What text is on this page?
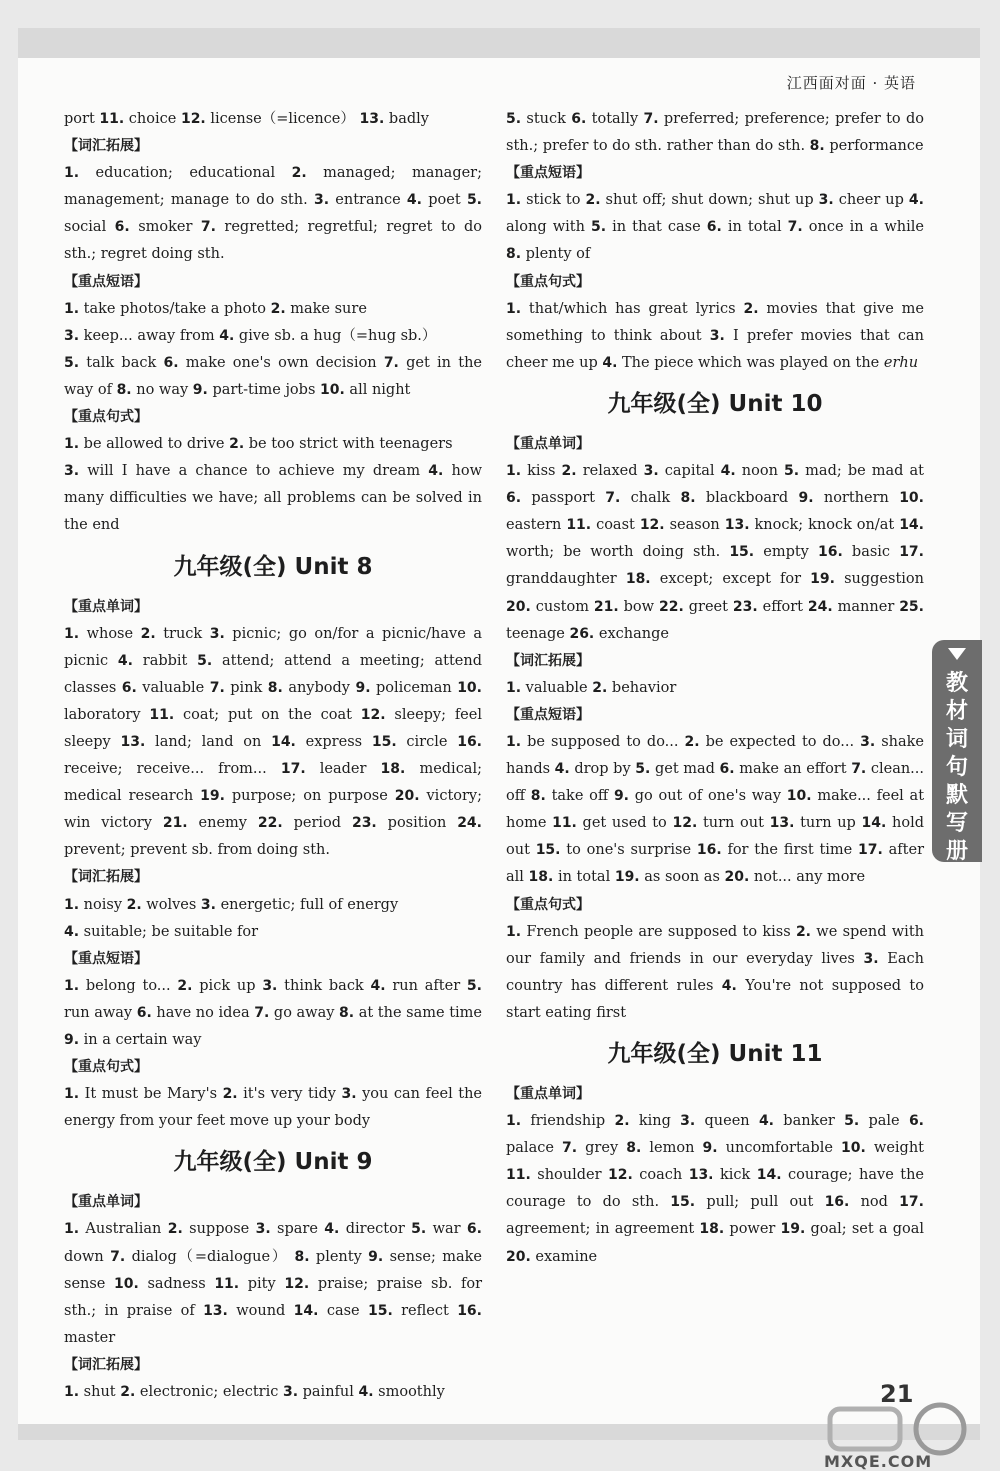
江西面对面 · 英语
port 11. choice 12. license（=licence） 13. badly
【词汇拓展】
1. education; educational 2. managed; manager; management; manage to do sth. 3. entrance 4. poet 5. social 6. smoker 7. regretted; regretful; regret to do sth.; regret doing sth.
【重点短语】
1. take photos/take a photo 2. make sure
3. keep... away from 4. give sb. a hug（=hug sb.）
5. talk back 6. make one's own decision 7. get in the way of 8. no way 9. part-time jobs 10. all night
【重点句式】
1. be allowed to drive 2. be too strict with teenagers
3. will I have a chance to achieve my dream 4. how many difficulties we have; all problems can be solved in the end
九年级(全) Unit 8
【重点单词】
1. whose 2. truck 3. picnic; go on/for a picnic/have a picnic 4. rabbit 5. attend; attend a meeting; attend classes 6. valuable 7. pink 8. anybody 9. policeman 10. laboratory 11. coat; put on the coat 12. sleepy; feel sleepy 13. land; land on 14. express 15. circle 16. receive; receive... from... 17. leader 18. medical; medical research 19. purpose; on purpose 20. victory; win victory 21. enemy 22. period 23. position 24. prevent; prevent sb. from doing sth.
【词汇拓展】
1. noisy 2. wolves 3. energetic; full of energy
4. suitable; be suitable for
【重点短语】
1. belong to... 2. pick up 3. think back 4. run after 5. run away 6. have no idea 7. go away 8. at the same time 9. in a certain way
【重点句式】
1. It must be Mary's 2. it's very tidy 3. you can feel the energy from your feet move up your body
九年级(全) Unit 9
【重点单词】
1. Australian 2. suppose 3. spare 4. director 5. war 6. down 7. dialog（=dialogue） 8. plenty 9. sense; make sense 10. sadness 11. pity 12. praise; praise sb. for sth.; in praise of 13. wound 14. case 15. reflect 16. master
【词汇拓展】
1. shut 2. electronic; electric 3. painful 4. smoothly
5. stuck 6. totally 7. preferred; preference; prefer to do sth.; prefer to do sth. rather than do sth. 8. performance
【重点短语】
1. stick to 2. shut off; shut down; shut up 3. cheer up 4. along with 5. in that case 6. in total 7. once in a while 8. plenty of
【重点句式】
1. that/which has great lyrics 2. movies that give me something to think about 3. I prefer movies that can cheer me up 4. The piece which was played on the erhu
九年级(全) Unit 10
【重点单词】
1. kiss 2. relaxed 3. capital 4. noon 5. mad; be mad at 6. passport 7. chalk 8. blackboard 9. northern 10. eastern 11. coast 12. season 13. knock; knock on/at 14. worth; be worth doing sth. 15. empty 16. basic 17. granddaughter 18. except; except for 19. suggestion 20. custom 21. bow 22. greet 23. effort 24. manner 25. teenage 26. exchange
【词汇拓展】
1. valuable 2. behavior
【重点短语】
1. be supposed to do... 2. be expected to do... 3. shake hands 4. drop by 5. get mad 6. make an effort 7. clean... off 8. take off 9. go out of one's way 10. make... feel at home 11. get used to 12. turn out 13. turn up 14. hold out 15. to one's surprise 16. for the first time 17. after all 18. in total 19. as soon as 20. not... any more
【重点句式】
1. French people are supposed to kiss 2. we spend with our family and friends in our everyday lives 3. Each country has different rules 4. You're not supposed to start eating first
九年级(全) Unit 11
【重点单词】
1. friendship 2. king 3. queen 4. banker 5. pale 6. palace 7. grey 8. lemon 9. uncomfortable 10. weight 11. shoulder 12. coach 13. kick 14. courage; have the courage to do sth. 15. pull; pull out 16. nod 17. agreement; in agreement 18. power 19. goal; set a goal 20. examine
教
材
词
句
默
写
册
21
MXQE.COM
